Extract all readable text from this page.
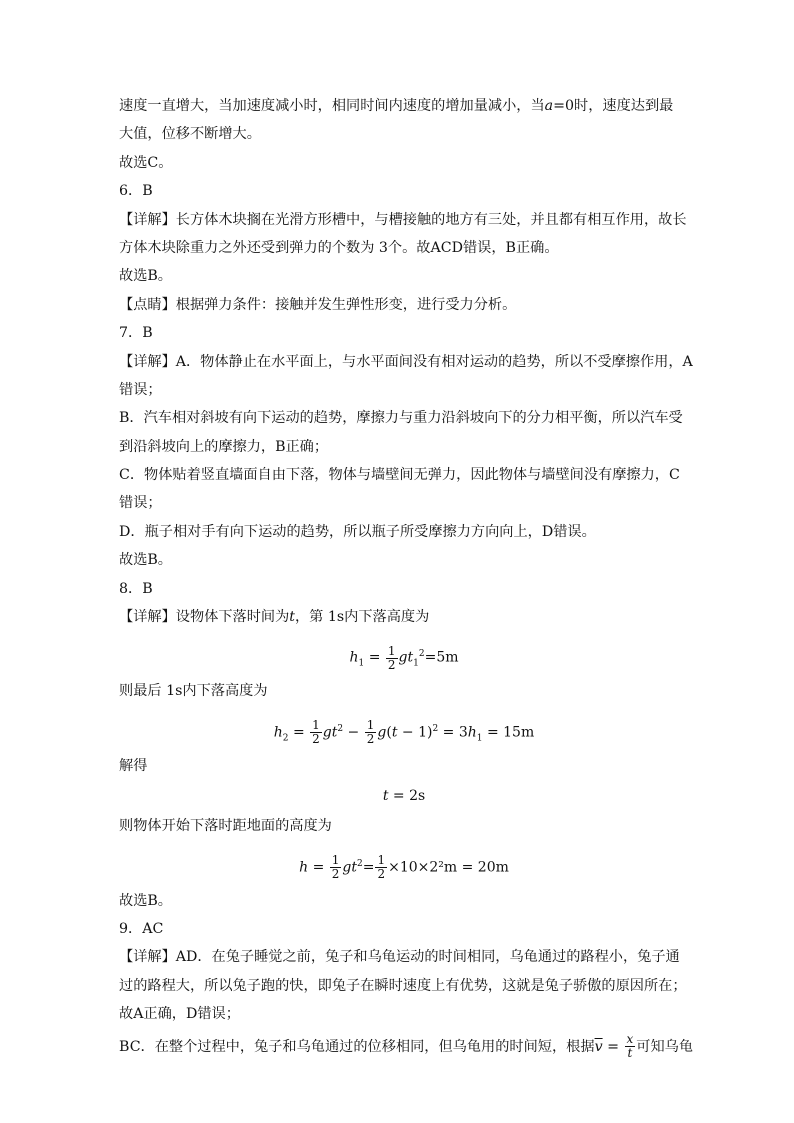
速度一直增大，当加速度减小时，相同时间内速度的增加量减小，当a=0时，速度达到最
大值，位移不断增大。
故选C。
6．B
【详解】长方体木块搁在光滑方形槽中，与槽接触的地方有三处，并且都有相互作用，故长
方体木块除重力之外还受到弹力的个数为 3个。故ACD错误，B正确。
故选B。
【点睛】根据弹力条件：接触并发生弹性形变，进行受力分析。
7．B
【详解】A．物体静止在水平面上，与水平面间没有相对运动的趋势，所以不受摩擦作用，A
错误；
B．汽车相对斜坡有向下运动的趋势，摩擦力与重力沿斜坡向下的分力相平衡，所以汽车受
到沿斜坡向上的摩擦力，B正确；
C．物体贴着竖直墙面自由下落，物体与墙壁间无弹力，因此物体与墙壁间没有摩擦力，C
错误；
D．瓶子相对手有向下运动的趋势，所以瓶子所受摩擦力方向向上，D错误。
故选B。
8．B
【详解】设物体下落时间为t，第 1s内下落高度为
$h_1 = \frac{1}{2} gt_1^2=5m$
则最后 1s内下落高度为
$h_2 = \frac{1}{2} gt^2 - \frac{1}{2} g(t - 1)^2 = 3h_1 = 15m$
解得
t = 2s
则物体开始下落时距地面的高度为
$h = \frac{1}{2} gt^2= \frac{1}{2} \times 10\times 2^2m = 20m$
故选B。
9．AC
【详解】AD．在兔子睡觉之前，兔子和乌龟运动的时间相同，乌龟通过的路程小，兔子通
过的路程大，所以兔子跑的快，即兔子在瞬时速度上有优势，这就是兔子骄傲的原因所在；
故A正确，D错误；
BC．在整个过程中，兔子和乌龟通过的位移相同，但乌龟用的时间短，根据$\overline{v} = \frac{x}{t}$ 可知乌龟
